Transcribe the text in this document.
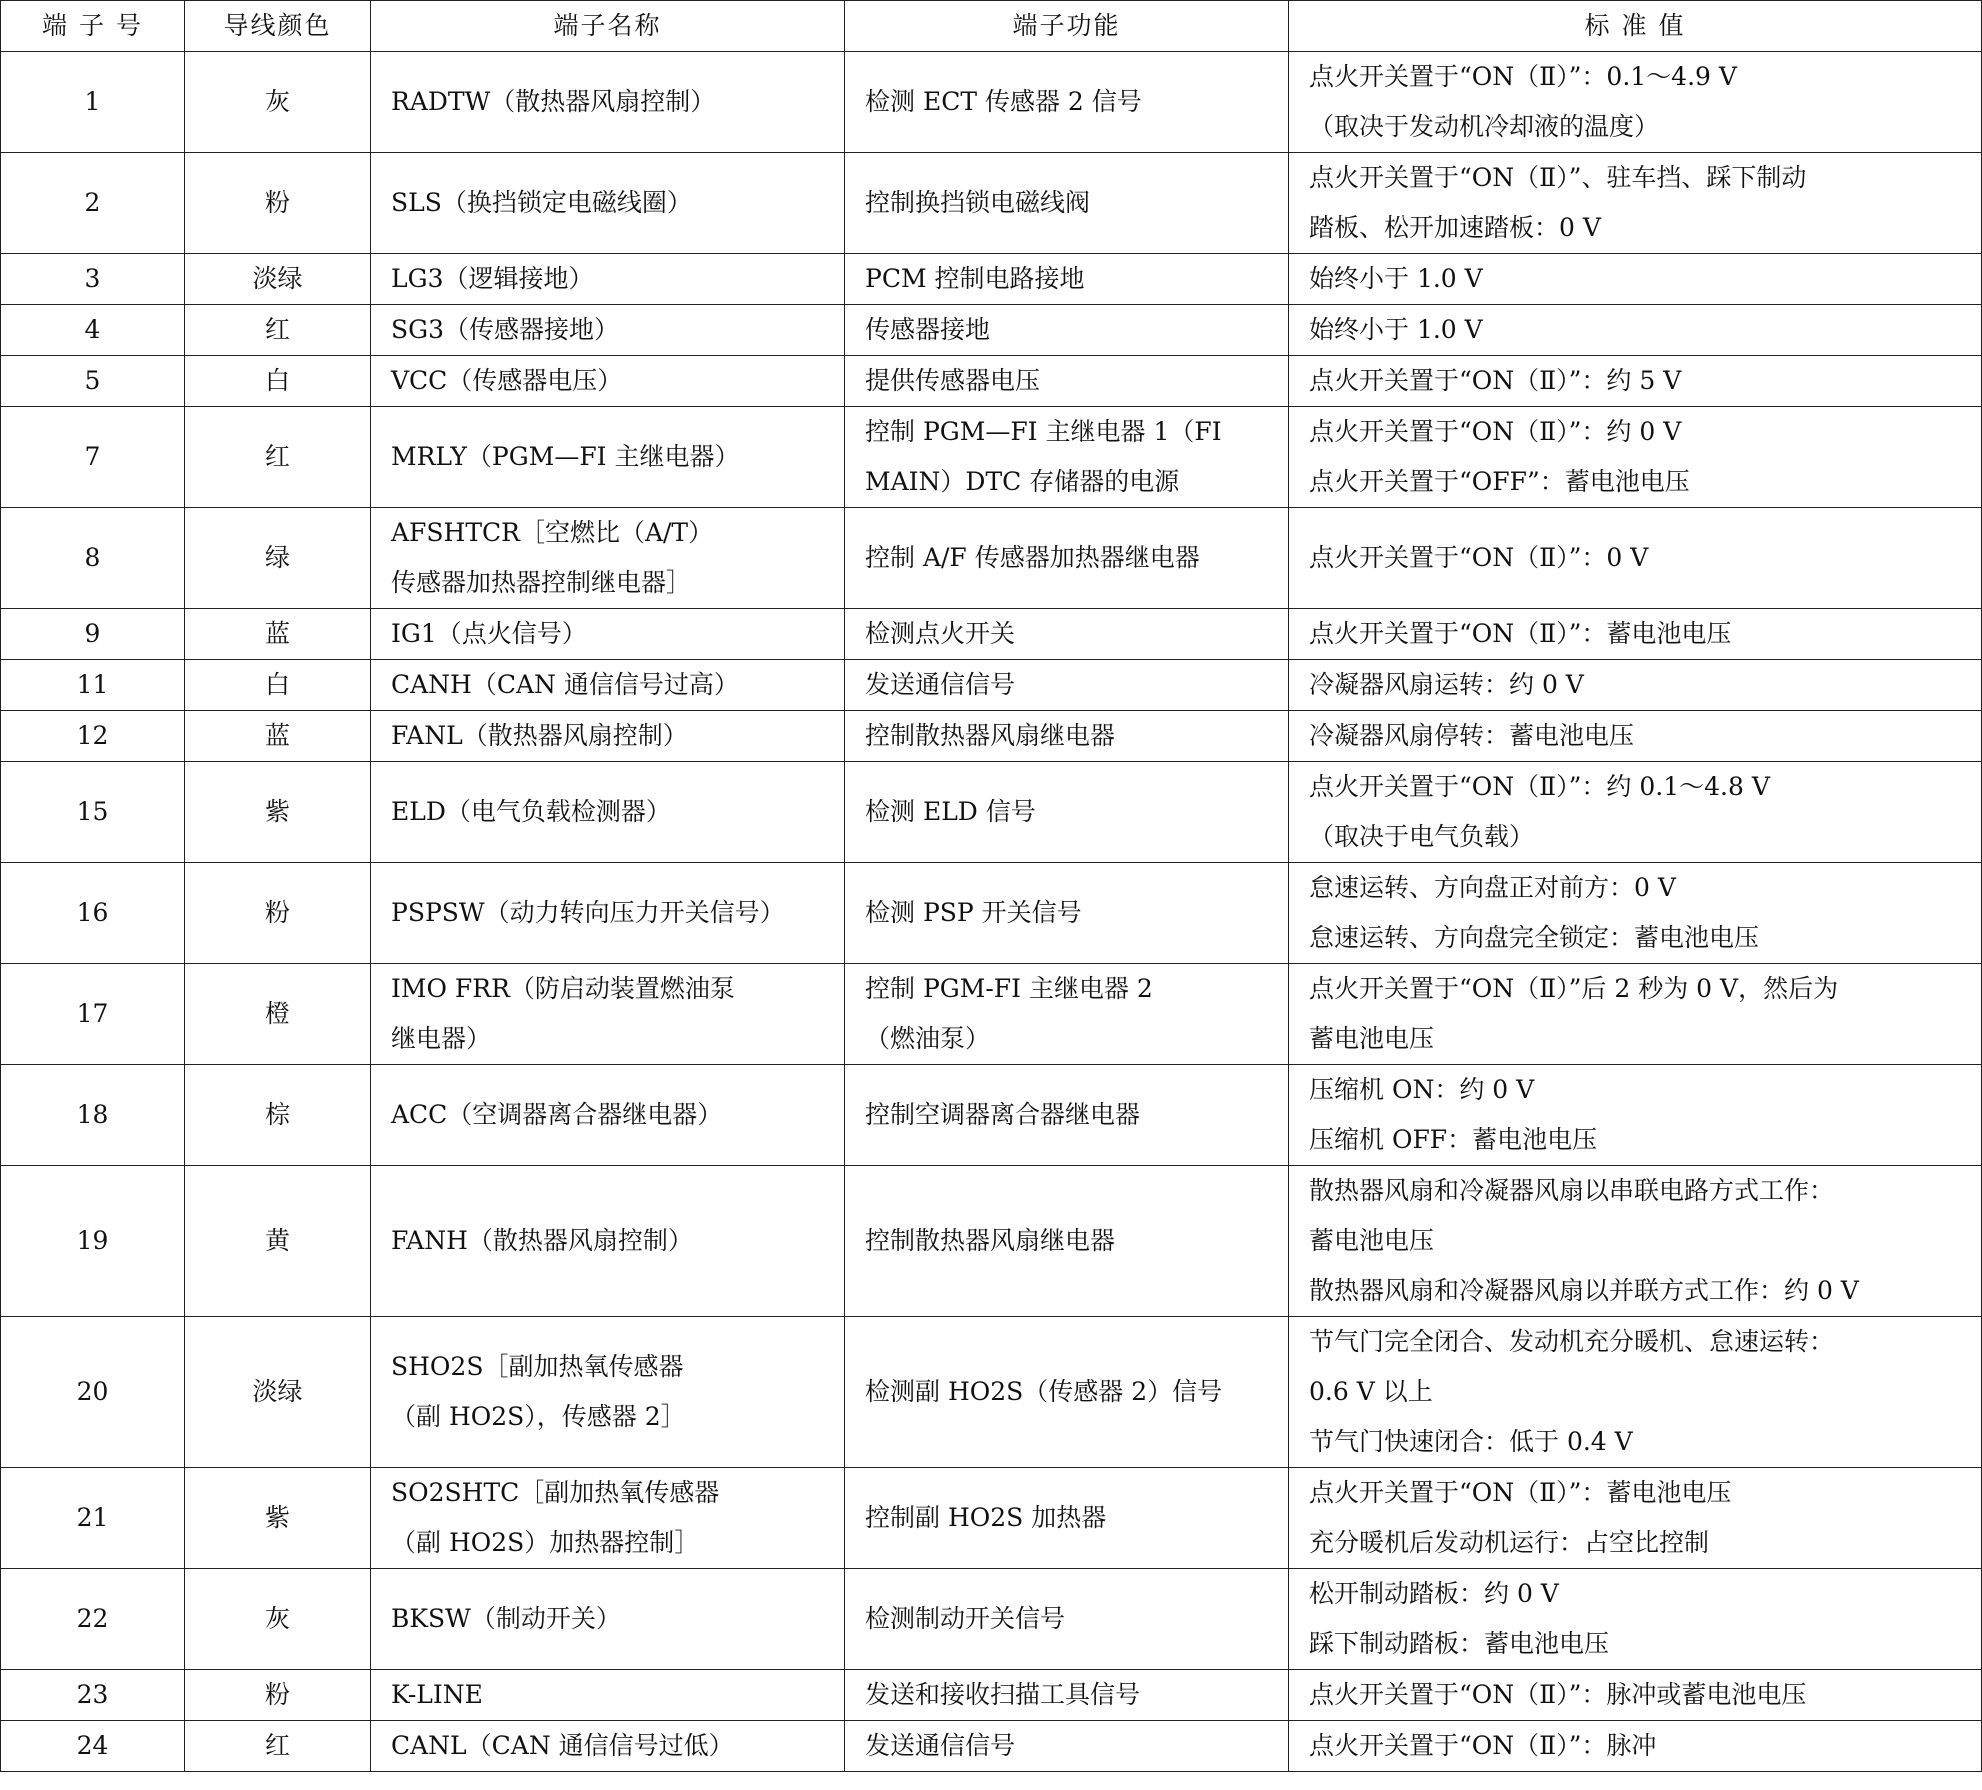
端 子 号	导线颜色	端子名称	端子功能	标 准 值
1	灰	RADTW（散热器风扇控制）	检测 ECT 传感器 2 信号	点火开关置于“ON（Ⅱ）”：0.1～4.9 V
（取决于发动机冷却液的温度）

2	粉	SLS（换挡锁定电磁线圈）	控制换挡锁电磁线阀	点火开关置于“ON（Ⅱ）”、驻车挡、踩下制动
踏板、松开加速踏板：0 V

3	淡绿	LG3（逻辑接地）	PCM 控制电路接地	始终小于 1.0 V

4	红	SG3（传感器接地）	传感器接地	始终小于 1.0 V

5	白	VCC（传感器电压）	提供传感器电压	点火开关置于“ON（Ⅱ）”：约 5 V

7	红	MRLY（PGM—FI 主继电器）	控制 PGM—FI 主继电器 1（FI
MAIN）DTC 存储器的电源	点火开关置于“ON（Ⅱ）”：约 0 V
点火开关置于“OFF”：蓄电池电压

8	绿	AFSHTCR［空燃比（A/T）
传感器加热器控制继电器］	控制 A/F 传感器加热器继电器	点火开关置于“ON（Ⅱ）”：0 V

9	蓝	IG1（点火信号）	检测点火开关	点火开关置于“ON（Ⅱ）”：蓄电池电压

11	白	CANH（CAN 通信信号过高）	发送通信信号	冷凝器风扇运转：约 0 V

12	蓝	FANL（散热器风扇控制）	控制散热器风扇继电器	冷凝器风扇停转：蓄电池电压

15	紫	ELD（电气负载检测器）	检测 ELD 信号	点火开关置于“ON（Ⅱ）”：约 0.1～4.8 V
（取决于电气负载）

16	粉	PSPSW（动力转向压力开关信号）	检测 PSP 开关信号	怠速运转、方向盘正对前方：0 V
怠速运转、方向盘完全锁定：蓄电池电压

17	橙	IMO FRR（防启动装置燃油泵
继电器）	控制 PGM-FI 主继电器 2
（燃油泵）	点火开关置于“ON（Ⅱ）”后 2 秒为 0 V，然后为
蓄电池电压

18	棕	ACC（空调器离合器继电器）	控制空调器离合器继电器	压缩机 ON：约 0 V
压缩机 OFF：蓄电池电压

19	黄	FANH（散热器风扇控制）	控制散热器风扇继电器	散热器风扇和冷凝器风扇以串联电路方式工作：
蓄电池电压
散热器风扇和冷凝器风扇以并联方式工作：约 0 V

20	淡绿	SHO2S［副加热氧传感器
（副 HO2S），传感器 2］	检测副 HO2S（传感器 2）信号	节气门完全闭合、发动机充分暖机、怠速运转：
0.6 V 以上
节气门快速闭合：低于 0.4 V

21	紫	SO2SHTC［副加热氧传感器
（副 HO2S）加热器控制］	控制副 HO2S 加热器	点火开关置于“ON（Ⅱ）”：蓄电池电压
充分暖机后发动机运行：占空比控制

22	灰	BKSW（制动开关）	检测制动开关信号	松开制动踏板：约 0 V
踩下制动踏板：蓄电池电压

23	粉	K-LINE	发送和接收扫描工具信号	点火开关置于“ON（Ⅱ）”：脉冲或蓄电池电压

24	红	CANL（CAN 通信信号过低）	发送通信信号	点火开关置于“ON（Ⅱ）”：脉冲
